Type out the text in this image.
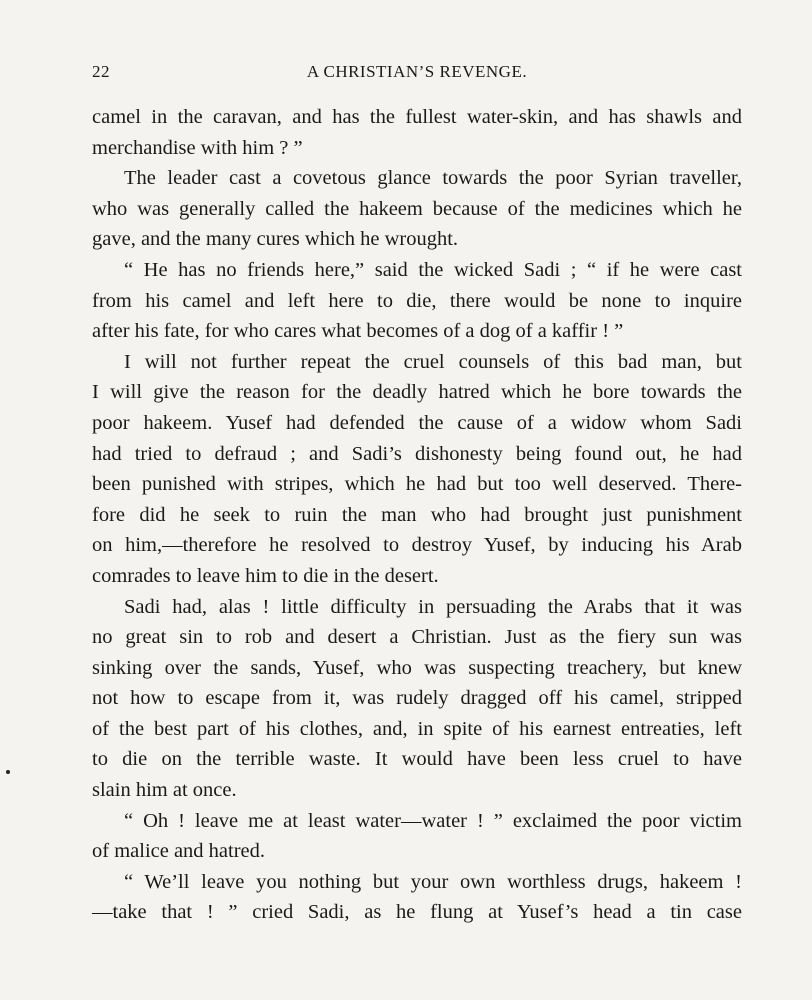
22	A CHRISTIAN’S REVENGE.
camel in the caravan, and has the fullest water-skin, and has shawls and
merchandise with him ? ”
The leader cast a covetous glance towards the poor Syrian traveller,
who was generally called the hakeem because of the medicines which he
gave, and the many cures which he wrought.
“ He has no friends here,” said the wicked Sadi ; “ if he were cast
from his camel and left here to die, there would be none to inquire
after his fate, for who cares what becomes of a dog of a kaffir ! ”
I will not further repeat the cruel counsels of this bad man, but
I will give the reason for the deadly hatred which he bore towards the
poor hakeem. Yusef had defended the cause of a widow whom Sadi
had tried to defraud ; and Sadi’s dishonesty being found out, he had
been punished with stripes, which he had but too well deserved. There-
fore did he seek to ruin the man who had brought just punishment
on him,—therefore he resolved to destroy Yusef, by inducing his Arab
comrades to leave him to die in the desert.
Sadi had, alas ! little difficulty in persuading the Arabs that it was
no great sin to rob and desert a Christian. Just as the fiery sun was
sinking over the sands, Yusef, who was suspecting treachery, but knew
not how to escape from it, was rudely dragged off his camel, stripped
of the best part of his clothes, and, in spite of his earnest entreaties, left
to die on the terrible waste. It would have been less cruel to have
slain him at once.
“ Oh ! leave me at least water—water ! ” exclaimed the poor victim
of malice and hatred.
“ We’ll leave you nothing but your own worthless drugs, hakeem !
—take that ! ” cried Sadi, as he flung at Yusef’s head a tin case
